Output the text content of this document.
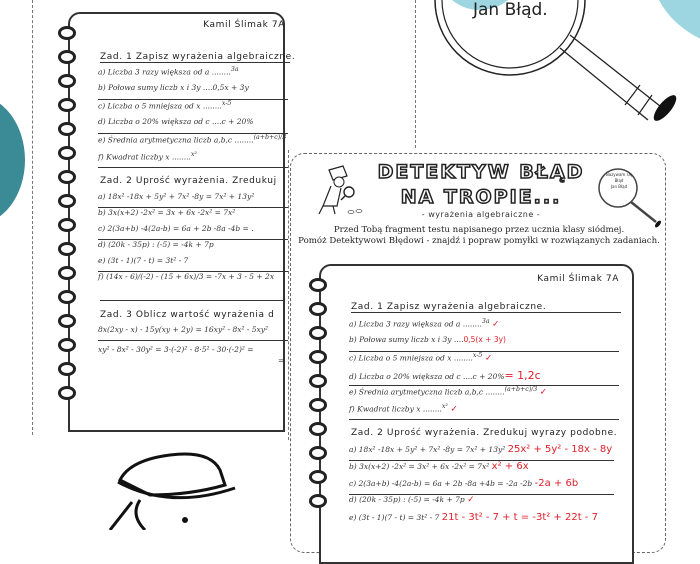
Jan Błąd.
Kamil Ślimak 7A
Zad. 1 Zapisz wyrażenia algebraiczne.
a) Liczba 3 razy większa od a ........$^{3a}$
b) Połowa sumy liczb x i 3y ....0,5x + 3y
c) Liczba o 5 mniejsza od x ........$^{x-5}$
d) Liczba o 20% większa od c ....c + 20%
e) Średnia arytmetyczna liczb a,b,c ........$^{(a+b+c)/3}$
f) Kwadrat liczby x ........$^{x^2}$
Zad. 2 Uprość wyrażenia. Zredukuj
a) 18x² -18x + 5y² + 7x² -8y = 7x² + 13y²
b) 3x(x+2) -2x² = 3x + 6x -2x² = 7x²
c) 2(3a+b) -4(2a-b) = 6a + 2b -8a -4b = .
d) (20k - 35p) : (-5) = -4k + 7p
e) (3t - 1)(7 - t) = 3t² - 7
f) (14x - 6)/(-2) - (15 + 6x)/3 = -7x + 3 - 5 + 2x
Zad. 3 Oblicz wartość wyrażenia d
8x(2xy - x) - 15y(xy + 2y) = 16xy² - 8x² - 5xy²
xy² - 8x² - 30y² = 3·(-2)² - 8·5² - 30·(-2)² =
=
DETEKTYW BŁĄD
NA TROPIE...
- wyrażenia algebraiczne -
Nazywam się
Błąd
Jan Błąd
Przed Tobą fragment testu napisanego przez ucznia klasy siódmej.
Pomóż Detektywowi Błędowi - znajdź i popraw pomyłki w rozwiązanych zadaniach.
Kamil Ślimak 7A
Zad. 1 Zapisz wyrażenia algebraiczne.
a) Liczba 3 razy większa od a ........$^{3a}$ ✓
b) Połowa sumy liczb x i 3y ....0,5(x + 3y)
c) Liczba o 5 mniejsza od x ........$^{x-5}$ ✓
d) Liczba o 20% większa od c ....c + 20%= 1,2c
e) Średnia arytmetyczna liczb a,b,c ........$^{(a+b+c)/3}$ ✓
f) Kwadrat liczby x ........$^{x^2}$ ✓
Zad. 2 Uprość wyrażenia. Zredukuj wyrazy podobne.
a) 18x² -18x + 5y² + 7x² -8y = 7x² + 13y² 25x² + 5y² - 18x - 8y
b) 3x(x+2) -2x² = 3x² + 6x -2x² = 7x² x² + 6x
c) 2(3a+b) -4(2a-b) = 6a + 2b -8a +4b = -2a -2b -2a + 6b
d) (20k - 35p) : (-5) = -4k + 7p ✓
e) (3t - 1)(7 - t) = 3t² - 7 21t - 3t² - 7 + t = -3t² + 22t - 7
